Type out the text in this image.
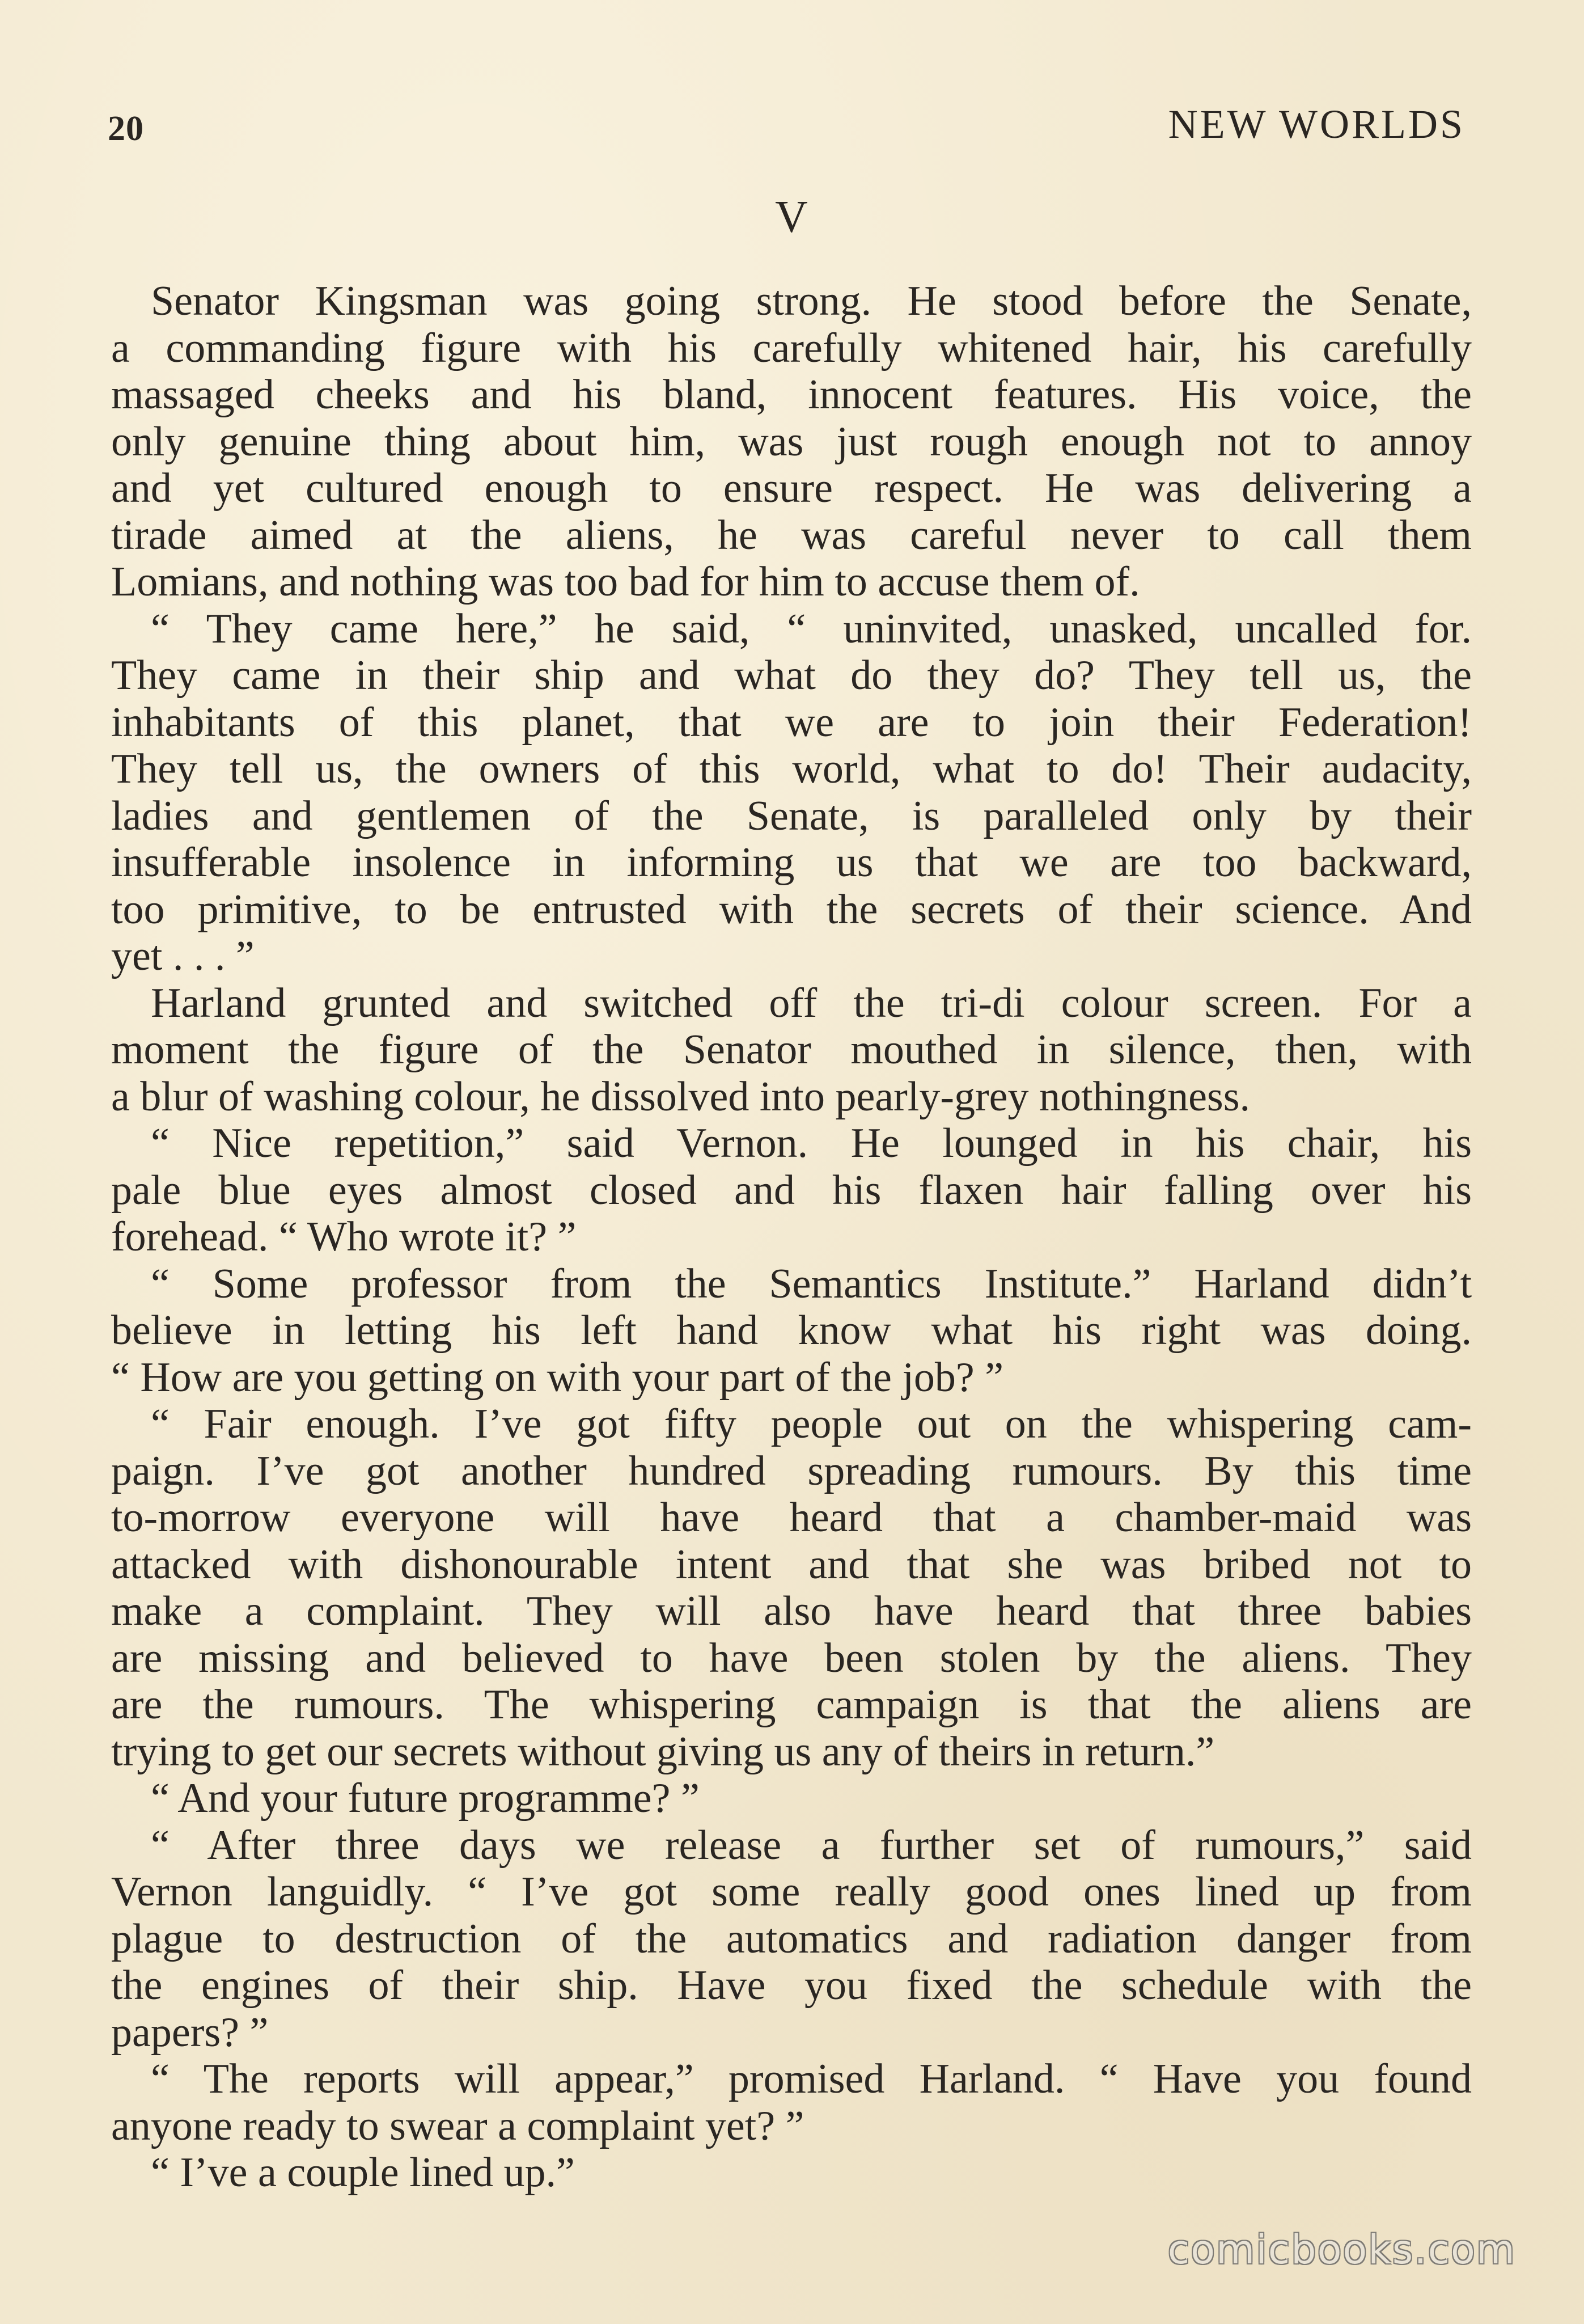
20	NEW WORLDS
V
Senator Kingsman was going strong. He stood before the Senate,
a commanding figure with his carefully whitened hair, his carefully
massaged cheeks and his bland, innocent features. His voice, the
only genuine thing about him, was just rough enough not to annoy
and yet cultured enough to ensure respect. He was delivering a
tirade aimed at the aliens, he was careful never to call them
Lomians, and nothing was too bad for him to accuse them of.
“ They came here,” he said, “ uninvited, unasked, uncalled for.
They came in their ship and what do they do? They tell us, the
inhabitants of this planet, that we are to join their Federation!
They tell us, the owners of this world, what to do! Their audacity,
ladies and gentlemen of the Senate, is paralleled only by their
insufferable insolence in informing us that we are too backward,
too primitive, to be entrusted with the secrets of their science. And
yet . . . ”
Harland grunted and switched off the tri-di colour screen. For a
moment the figure of the Senator mouthed in silence, then, with
a blur of washing colour, he dissolved into pearly-grey nothingness.
“ Nice repetition,” said Vernon. He lounged in his chair, his
pale blue eyes almost closed and his flaxen hair falling over his
forehead. “ Who wrote it? ”
“ Some professor from the Semantics Institute.” Harland didn’t
believe in letting his left hand know what his right was doing.
“ How are you getting on with your part of the job? ”
“ Fair enough. I’ve got fifty people out on the whispering cam-
paign. I’ve got another hundred spreading rumours. By this time
to-morrow everyone will have heard that a chamber-maid was
attacked with dishonourable intent and that she was bribed not to
make a complaint. They will also have heard that three babies
are missing and believed to have been stolen by the aliens. They
are the rumours. The whispering campaign is that the aliens are
trying to get our secrets without giving us any of theirs in return.”
“ And your future programme? ”
“ After three days we release a further set of rumours,” said
Vernon languidly. “ I’ve got some really good ones lined up from
plague to destruction of the automatics and radiation danger from
the engines of their ship. Have you fixed the schedule with the
papers? ”
“ The reports will appear,” promised Harland. “ Have you found
anyone ready to swear a complaint yet? ”
“ I’ve a couple lined up.”
comicbooks.com
